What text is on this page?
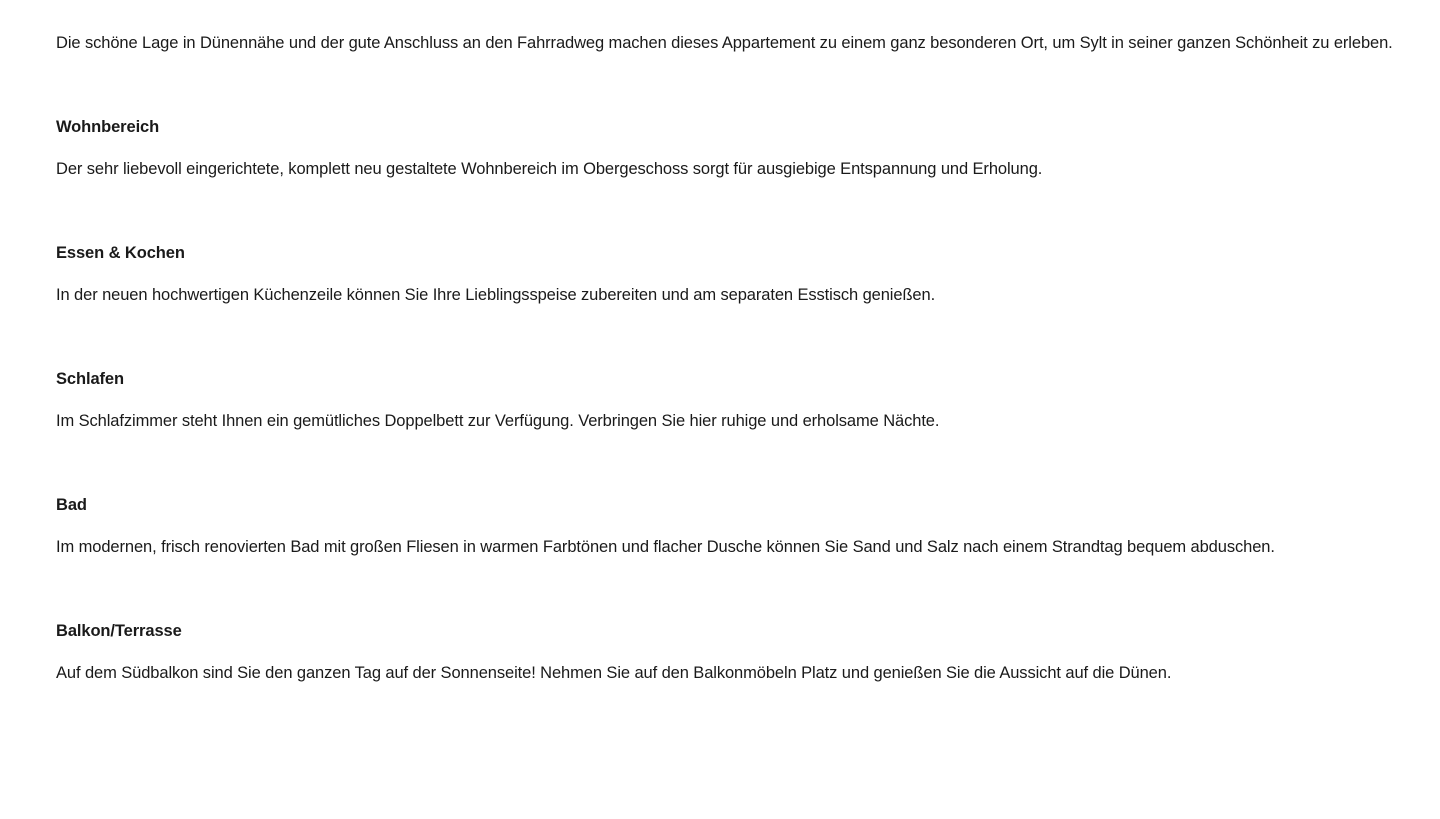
Die schöne Lage in Dünennähe und der gute Anschluss an den Fahrradweg machen dieses Appartement zu einem ganz besonderen Ort, um Sylt in seiner ganzen Schönheit zu erleben.

Wohnbereich

Der sehr liebevoll eingerichtete, komplett neu gestaltete Wohnbereich im Obergeschoss sorgt für ausgiebige Entspannung und Erholung.

Essen & Kochen

In der neuen hochwertigen Küchenzeile können Sie Ihre Lieblingsspeise zubereiten und am separaten Esstisch genießen.

Schlafen

Im Schlafzimmer steht Ihnen ein gemütliches Doppelbett zur Verfügung. Verbringen Sie hier ruhige und erholsame Nächte.

Bad

Im modernen, frisch renovierten Bad mit großen Fliesen in warmen Farbtönen und flacher Dusche können Sie Sand und Salz nach einem Strandtag bequem abduschen.

Balkon/Terrasse

Auf dem Südbalkon sind Sie den ganzen Tag auf der Sonnenseite! Nehmen Sie auf den Balkonmöbeln Platz und genießen Sie die Aussicht auf die Dünen.
